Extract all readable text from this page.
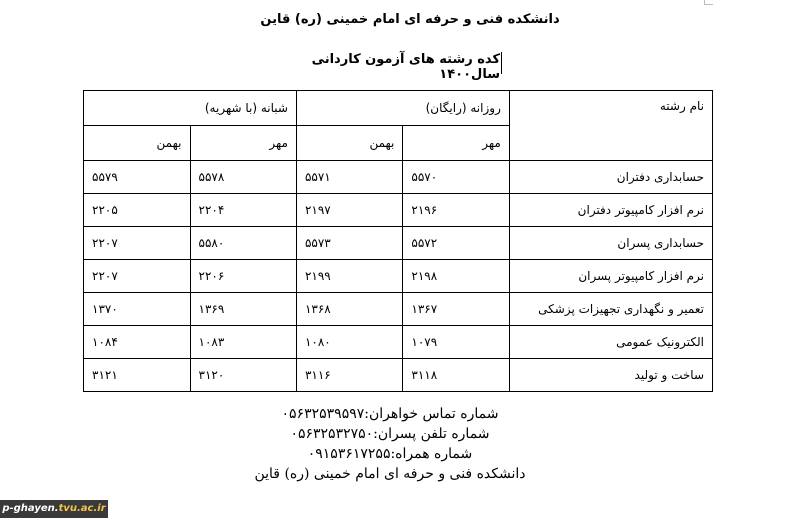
دانشکده فنی و حرفه ای امام خمینی (ره) قاین
کده رشته های آزمون کاردانی سال۱۴۰۰
نام رشته	روزانه (رایگان)		شبانه (با شهریه)	
	مهر	بهمن	مهر	بهمن
حسابداری دفتران	۵۵۷۰	۵۵۷۱	۵۵۷۸	۵۵۷۹
نرم افزار کامپیوتر دفتران	۲۱۹۶	۲۱۹۷	۲۲۰۴	۲۲۰۵
حسابداری پسران	۵۵۷۲	۵۵۷۳	۵۵۸۰	۲۲۰۷
نرم افزار کامپیوتر پسران	۲۱۹۸	۲۱۹۹	۲۲۰۶	۲۲۰۷
تعمیر و نگهداری تجهیزات پزشکی	۱۳۶۷	۱۳۶۸	۱۳۶۹	۱۳۷۰
الکترونیک عمومی	۱۰۷۹	۱۰۸۰	۱۰۸۳	۱۰۸۴
ساخت و تولید	۳۱۱۸	۳۱۱۶	۳۱۲۰	۳۱۲۱
شماره تماس خواهران:۰۵۶۳۲۵۳۹۵۹۷
شماره تلفن پسران:۰۵۶۳۲۵۳۲۷۵۰
شماره همراه:۰۹۱۵۳۶۱۷۲۵۵
دانشکده فنی و حرفه ای امام خمینی (ره) قاین
p-ghayen.tvu.ac.ir
